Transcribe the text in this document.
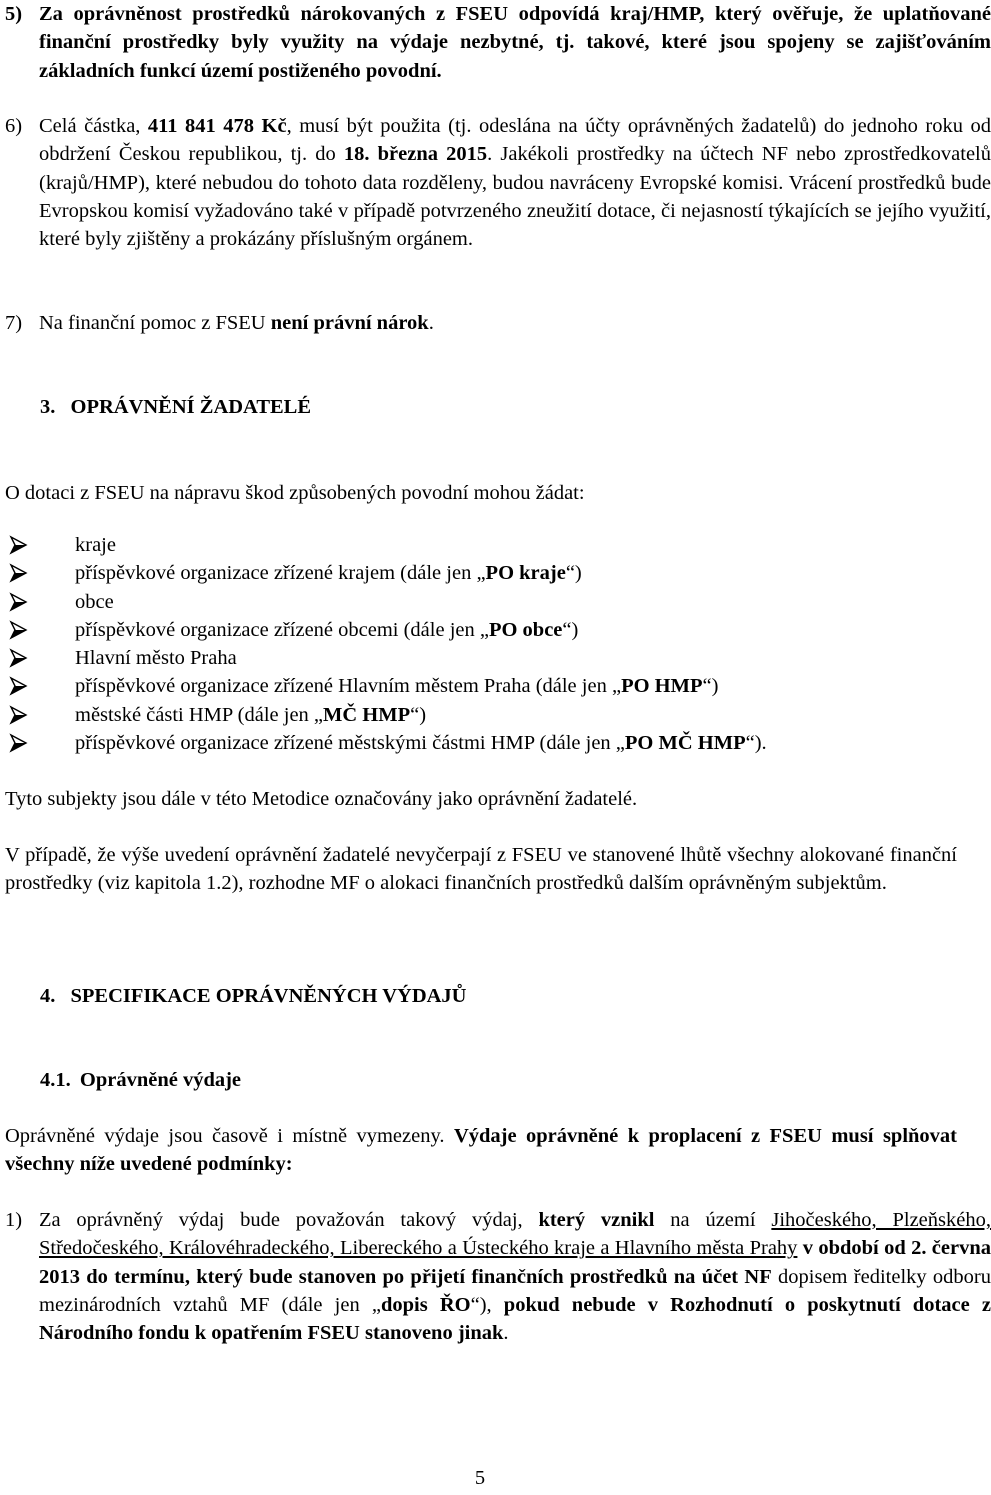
5) Za oprávněnost prostředků nárokovaných z FSEU odpovídá kraj/HMP, který ověřuje, že uplatňované finanční prostředky byly využity na výdaje nezbytné, tj. takové, které jsou spojeny se zajišťováním základních funkcí území postiženého povodní.
6) Celá částka, 411 841 478 Kč, musí být použita (tj. odeslána na účty oprávněných žadatelů) do jednoho roku od obdržení Českou republikou, tj. do 18. března 2015. Jakékoli prostředky na účtech NF nebo zprostředkovatelů (krajů/HMP), které nebudou do tohoto data rozděleny, budou navráceny Evropské komisi. Vrácení prostředků bude Evropskou komisí vyžadováno také v případě potvrzeného zneužití dotace, či nejasností týkajících se jejího využití, které byly zjištěny a prokázány příslušným orgánem.
7) Na finanční pomoc z FSEU není právní nárok.
3. OPRÁVNĚNÍ ŽADATELÉ
O dotaci z FSEU na nápravu škod způsobených povodní mohou žádat:
kraje
příspěvkové organizace zřízené krajem (dále jen „PO kraje“)
obce
příspěvkové organizace zřízené obcemi (dále jen „PO obce“)
Hlavní město Praha
příspěvkové organizace zřízené Hlavním městem Praha (dále jen „PO HMP“)
městské části HMP (dále jen „MČ HMP“)
příspěvkové organizace zřízené městskými částmi HMP (dále jen „PO MČ HMP“).
Tyto subjekty jsou dále v této Metodice označovány jako oprávnění žadatelé.
V případě, že výše uvedení oprávnění žadatelé nevyčerpají z FSEU ve stanovené lhůtě všechny alokované finanční prostředky (viz kapitola 1.2), rozhodne MF o alokaci finančních prostředků dalším oprávněným subjektům.
4. SPECIFIKACE OPRÁVNĚNÝCH VÝDAJŮ
4.1. Oprávněné výdaje
Oprávněné výdaje jsou časově i místně vymezeny. Výdaje oprávněné k proplacení z FSEU musí splňovat všechny níže uvedené podmínky:
1) Za oprávněný výdaj bude považován takový výdaj, který vznikl na území Jihočeského, Plzeňského, Středočeského, Královéhradeckého, Libereckého a Ústeckého kraje a Hlavního města Prahy v období od 2. června 2013 do termínu, který bude stanoven po přijetí finančních prostředků na účet NF dopisem ředitelky odboru mezinárodních vztahů MF (dále jen „dopis ŘO“), pokud nebude v Rozhodnutí o poskytnutí dotace z Národního fondu k opatřením FSEU stanoveno jinak.
5
